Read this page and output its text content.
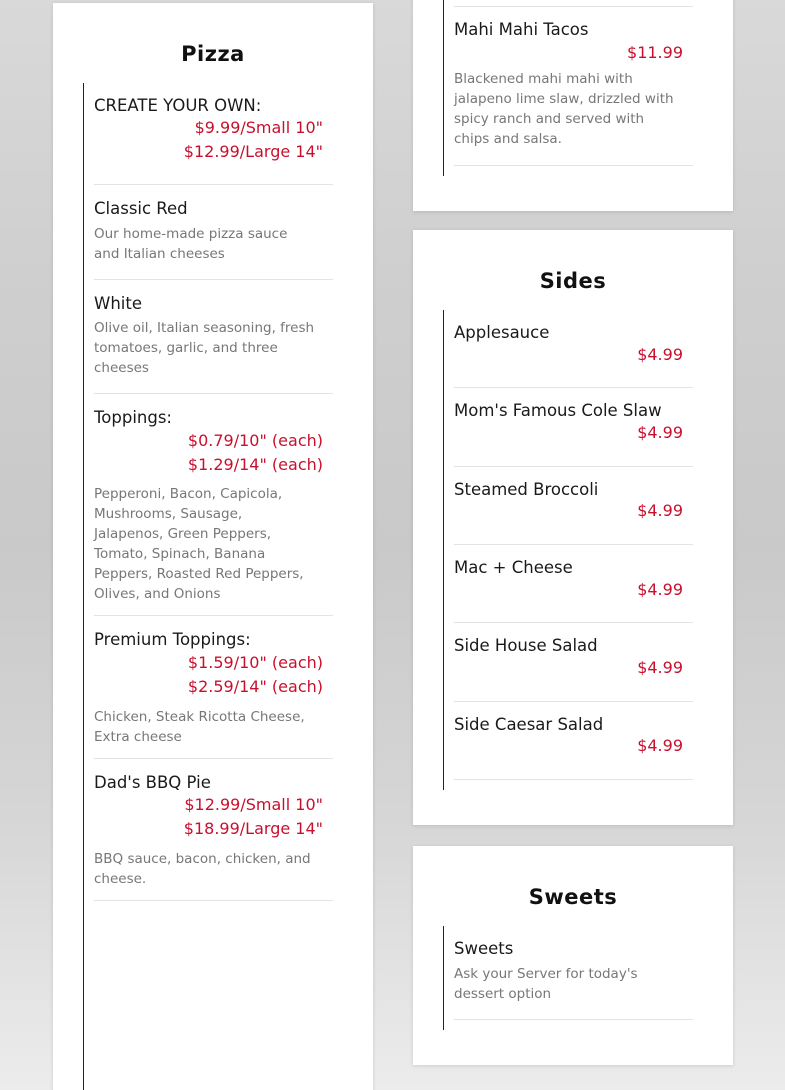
Pizza
CREATE YOUR OWN:
$9.99/Small 10"
$12.99/Large 14"
Classic Red
Our home-made pizza sauce
and Italian cheeses
White
Olive oil, Italian seasoning, fresh
tomatoes, garlic, and three
cheeses
Toppings:
$0.79/10" (each)
$1.29/14" (each)
Pepperoni, Bacon, Capicola,
Mushrooms, Sausage,
Jalapenos, Green Peppers,
Tomato, Spinach, Banana
Peppers, Roasted Red Peppers,
Olives, and Onions
Premium Toppings:
$1.59/10" (each)
$2.59/14" (each)
Chicken, Steak Ricotta Cheese,
Extra cheese
Dad's BBQ Pie
$12.99/Small 10"
$18.99/Large 14"
BBQ sauce, bacon, chicken, and
cheese.
Mahi Mahi Tacos
$11.99
Blackened mahi mahi with
jalapeno lime slaw, drizzled with
spicy ranch and served with
chips and salsa.
Sides
Applesauce
$4.99
Mom's Famous Cole Slaw
$4.99
Steamed Broccoli
$4.99
Mac + Cheese
$4.99
Side House Salad
$4.99
Side Caesar Salad
$4.99
Sweets
Sweets
Ask your Server for today's
dessert option
